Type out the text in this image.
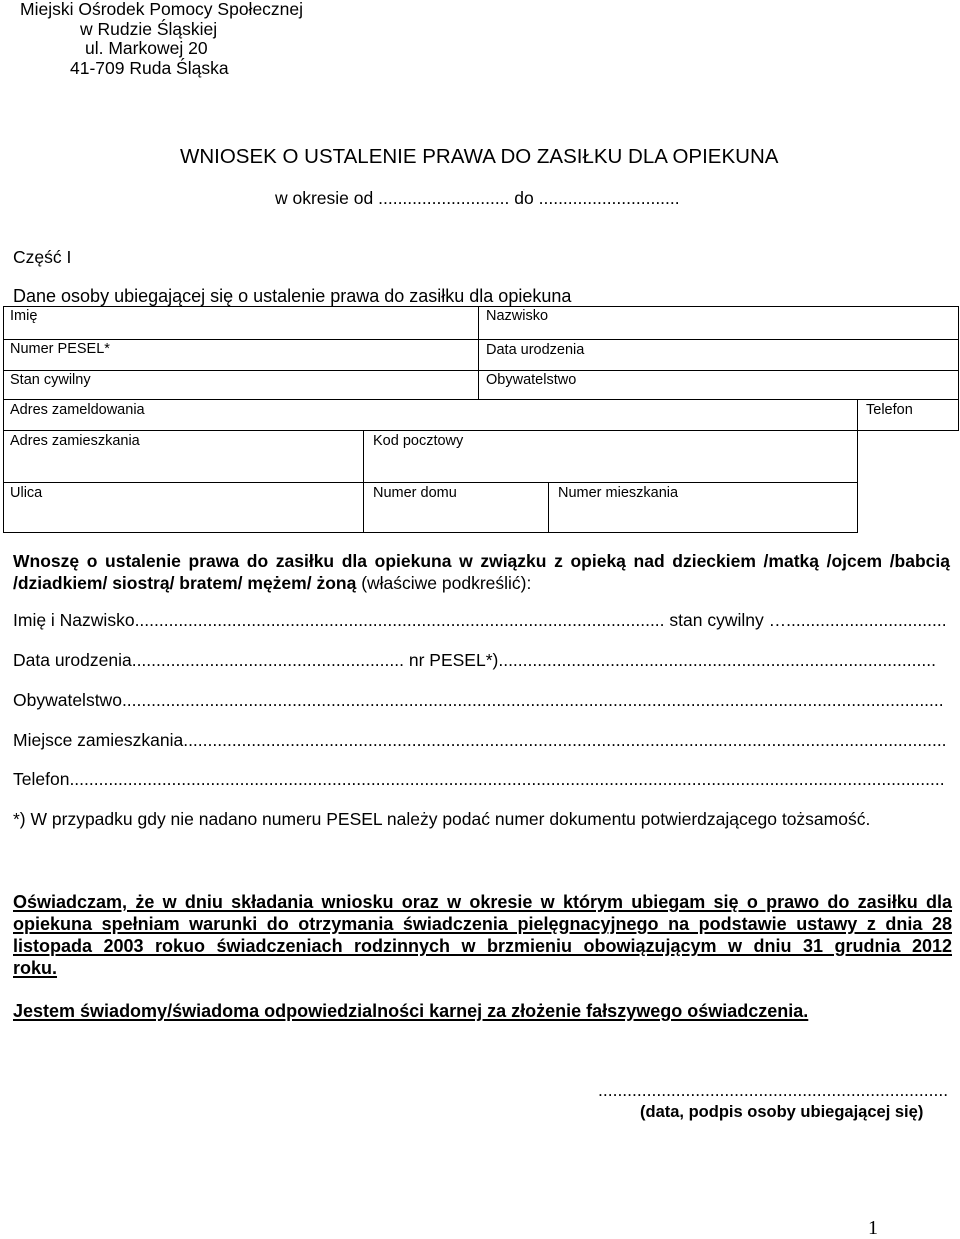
Miejski Ośrodek Pomocy Społecznej
w Rudzie Śląskiej
ul. Markowej 20
41-709 Ruda Śląska
WNIOSEK O USTALENIE PRAWA DO ZASIŁKU DLA OPIEKUNA
w okresie od ........................... do .............................
Część I
Dane osoby ubiegającej się o ustalenie prawa do zasiłku dla opiekuna
Imię	Nazwisko
Numer PESEL*	Data urodzenia
Stan cywilny	Obywatelstwo
Adres zameldowania	Telefon
Adres zamieszkania	Kod pocztowy
Ulica	Numer domu	Numer mieszkania
Wnoszę o ustalenie prawa do zasiłku dla opiekuna w związku z opieką nad dzieckiem /matką /ojcem /babcią
/dziadkiem/ siostrą/ bratem/ mężem/ żoną (właściwe podkreślić):
Imię i Nazwisko............................................................................................................. stan cywilny ….................................
Data urodzenia........................................................ nr PESEL*)..........................................................................................
Obywatelstwo.........................................................................................................................................................................
Miejsce zamieszkania.............................................................................................................................................................
Telefon....................................................................................................................................................................................
*) W przypadku gdy nie nadano numeru PESEL należy podać numer dokumentu potwierdzającego tożsamość.
Oświadczam, że w dniu składania wniosku oraz w okresie w którym ubiegam się o prawo do zasiłku dla
opiekuna spełniam warunki do otrzymania świadczenia pielęgnacyjnego na podstawie ustawy z dnia 28
listopada 2003 rokuo świadczeniach rodzinnych w brzmieniu obowiązującym w dniu 31 grudnia 2012
roku.
Jestem świadomy/świadoma odpowiedzialności karnej za złożenie fałszywego oświadczenia.
........................................................................
(data, podpis osoby ubiegającej się)
1
